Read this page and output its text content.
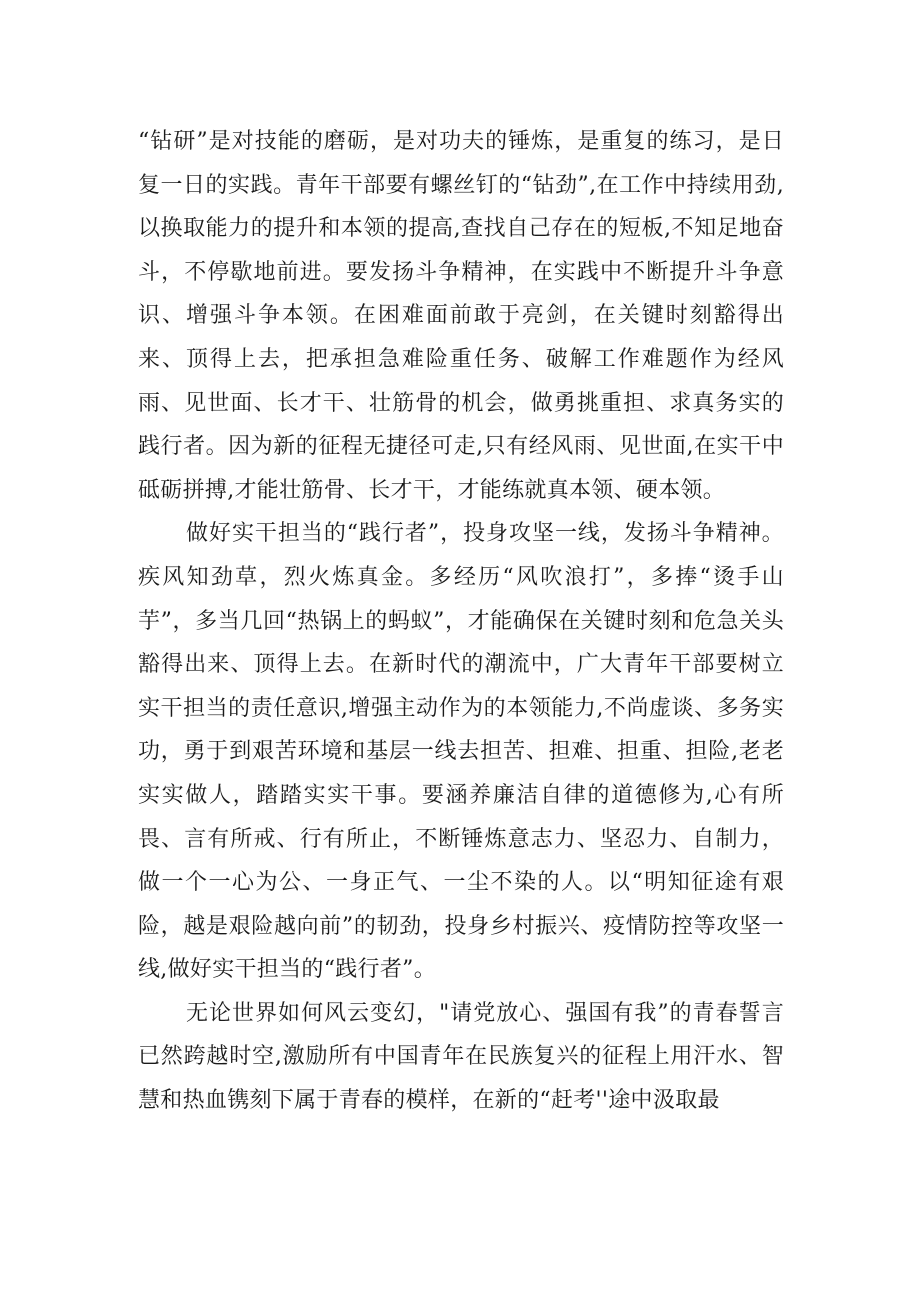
“钻研”是对技能的磨砺，是对功夫的锤炼，是重复的练习，是日复一日的实践。青年干部要有螺丝钉的“钻劲”,在工作中持续用劲,以换取能力的提升和本领的提高,查找自己存在的短板,不知足地奋斗，不停歇地前进。要发扬斗争精神，在实践中不断提升斗争意识、增强斗争本领。在困难面前敢于亮剑，在关键时刻豁得出来、顶得上去，把承担急难险重任务、破解工作难题作为经风雨、见世面、长才干、壮筋骨的机会，做勇挑重担、求真务实的践行者。因为新的征程无捷径可走,只有经风雨、见世面,在实干中砥砺拼搏,才能壮筋骨、长才干，才能练就真本领、硬本领。

做好实干担当的“践行者”，投身攻坚一线，发扬斗争精神。疾风知劲草，烈火炼真金。多经历“风吹浪打”，多捧“烫手山芋”，多当几回“热锅上的蚂蚁”，才能确保在关键时刻和危急关头豁得出来、顶得上去。在新时代的潮流中，广大青年干部要树立实干担当的责任意识,增强主动作为的本领能力,不尚虚谈、多务实功，勇于到艰苦环境和基层一线去担苦、担难、担重、担险,老老实实做人，踏踏实实干事。要涵养廉洁自律的道德修为,心有所畏、言有所戒、行有所止，不断锤炼意志力、坚忍力、自制力，做一个一心为公、一身正气、一尘不染的人。以“明知征途有艰险，越是艰险越向前”的韧劲，投身乡村振兴、疫情防控等攻坚一线,做好实干担当的“践行者”。

无论世界如何风云变幻，"请党放心、强国有我”的青春誓言已然跨越时空,激励所有中国青年在民族复兴的征程上用汗水、智慧和热血镌刻下属于青春的模样，在新的“赶考''途中汲取最
